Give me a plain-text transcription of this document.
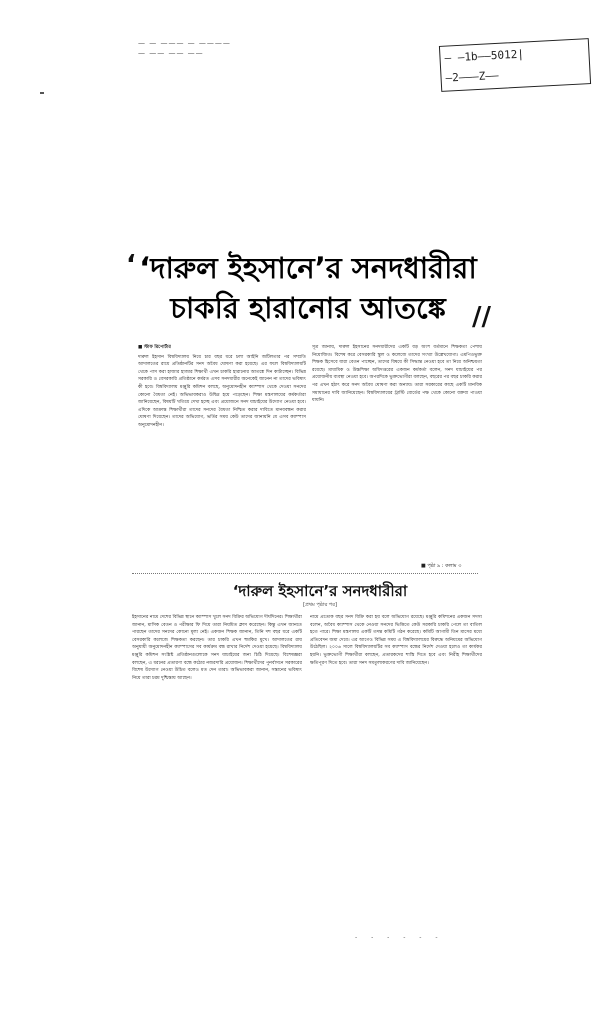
— — ——— — ————
— —— —— ——	— —1b——5012|
—2———Z——
‘ ‘দারুল ইহসানে’র সনদধারীরা
চাকরি হারানোর আতঙ্কে	//

■ স্টাফ রিপোর্টার

দারুল ইহসান বিশ্ববিদ্যালয় নিয়ে চার বছর ধরে চলা আইনি জটিলতার পর সম্প্রতি আদালতের রায়ে প্রতিষ্ঠানটির সনদ অবৈধ ঘোষণা করা হয়েছে। এর ফলে বিশ্ববিদ্যালয়টি থেকে পাস করা হাজার হাজার শিক্ষার্থী এখন চাকরি হারানোর আতঙ্কে দিন কাটাচ্ছেন। বিভিন্ন সরকারি ও বেসরকারি প্রতিষ্ঠানে কর্মরত এসব সনদধারীর অনেকেই জানেন না তাদের ভবিষ্যৎ কী হবে। বিশ্ববিদ্যালয় মঞ্জুরি কমিশন বলছে, অনুমোদনহীন ক্যাম্পাস থেকে দেওয়া সনদের কোনো বৈধতা নেই। অভিভাবকরাও উদ্বিগ্ন হয়ে পড়েছেন। শিক্ষা মন্ত্রণালয়ের কর্মকর্তারা জানিয়েছেন, বিষয়টি খতিয়ে দেখা হচ্ছে এবং প্রয়োজনে সনদ যাচাইয়ের উদ্যোগ নেওয়া হবে। এদিকে আক্রান্ত শিক্ষার্থীরা তাদের সনদের বৈধতা নিশ্চিত করার দাবিতে মানববন্ধন করার ঘোষণা দিয়েছেন। তাদের অভিযোগ, ভর্তির সময় কেউ তাদের জানায়নি যে এসব ক্যাম্পাস অনুমোদনহীন।

সূত্র জানায়, দারুল ইহসানের সনদধারীদের একটি বড় অংশ বর্তমানে শিক্ষকতা পেশায় নিয়োজিত। বিশেষ করে বেসরকারি স্কুল ও কলেজে তাদের সংখ্যা উল্লেখযোগ্য। এমপিওভুক্ত শিক্ষক হিসেবে যারা বেতন পাচ্ছেন, তাদের বিষয়ে কী সিদ্ধান্ত নেওয়া হবে তা নিয়ে অনিশ্চয়তা রয়েছে। মাধ্যমিক ও উচ্চশিক্ষা অধিদপ্তরের একজন কর্মকর্তা বলেন, সনদ যাচাইয়ের পর প্রয়োজনীয় ব্যবস্থা নেওয়া হবে। অপরদিকে ভুক্তভোগীরা বলছেন, বছরের পর বছর চাকরি করার পর এখন হঠাৎ করে সনদ অবৈধ ঘোষণা করা অন্যায়। তারা সরকারের কাছে একটি মানবিক সমাধানের দাবি জানিয়েছেন। বিশ্ববিদ্যালয়ের ট্রাস্টি বোর্ডের পক্ষ থেকে কোনো বক্তব্য পাওয়া যায়নি।

■ পৃষ্ঠা ৯ : কলাম ৩
‘দারুল ইহসানে’র সনদধারীরা
[প্রথম পৃষ্ঠার পর]

ইহসানের নামে দেশের বিভিন্ন স্থানে ক্যাম্পাস খুলে সনদ বিক্রির অভিযোগ দীর্ঘদিনের। শিক্ষার্থীরা জানান, মাসিক বেতন ও পরীক্ষার ফি দিয়ে তারা নিয়মিত ক্লাস করেছেন। কিন্তু এখন জানতে পারছেন তাদের সনদের কোনো মূল্য নেই। একজন শিক্ষক জানান, তিনি দশ বছর ধরে একটি বেসরকারি কলেজে শিক্ষকতা করছেন। তার চাকরি এখন হুমকির মুখে। আদালতের রায় অনুযায়ী অনুমোদনহীন ক্যাম্পাসের সব কার্যক্রম বন্ধ রাখার নির্দেশ দেওয়া হয়েছে। বিশ্ববিদ্যালয় মঞ্জুরি কমিশন সংশ্লিষ্ট প্রতিষ্ঠানগুলোকে সনদ যাচাইয়ের জন্য চিঠি দিয়েছে। বিশেষজ্ঞরা বলছেন, এ ধরনের প্রতারণা বন্ধে কঠোর নজরদারি প্রয়োজন। শিক্ষার্থীদের পুনর্বাসনে সরকারের বিশেষ উদ্যোগ নেওয়া উচিত বলেও মত দেন তারা। অভিভাবকরা জানান, সন্তানের ভবিষ্যৎ নিয়ে তারা চরম দুশ্চিন্তায় আছেন।

নামে প্রত্যেক বছর সনদ বিক্রি করা হয় বলে অভিযোগ রয়েছে। মঞ্জুরি কমিশনের একজন সদস্য বলেন, অবৈধ ক্যাম্পাস থেকে নেওয়া সনদের ভিত্তিতে কেউ সরকারি চাকরি পেলে তা বাতিল হতে পারে। শিক্ষা মন্ত্রণালয় একটি তদন্ত কমিটি গঠন করেছে। কমিটি আগামী তিন মাসের মধ্যে প্রতিবেদন জমা দেবে। এর আগেও বিভিন্ন সময় এ বিশ্ববিদ্যালয়ের বিরুদ্ধে অনিয়মের অভিযোগ উঠেছিল। ২০০৬ সালে বিশ্ববিদ্যালয়টির সব ক্যাম্পাস বন্ধের নির্দেশ দেওয়া হলেও তা কার্যকর হয়নি। ভুক্তভোগী শিক্ষার্থীরা বলছেন, প্রতারকদের শাস্তি দিতে হবে এবং নিরীহ শিক্ষার্থীদের ক্ষতিপূরণ দিতে হবে। তারা সনদ সমতুল্যকরণের দাবি জানিয়েছেন।

- - - - - -
